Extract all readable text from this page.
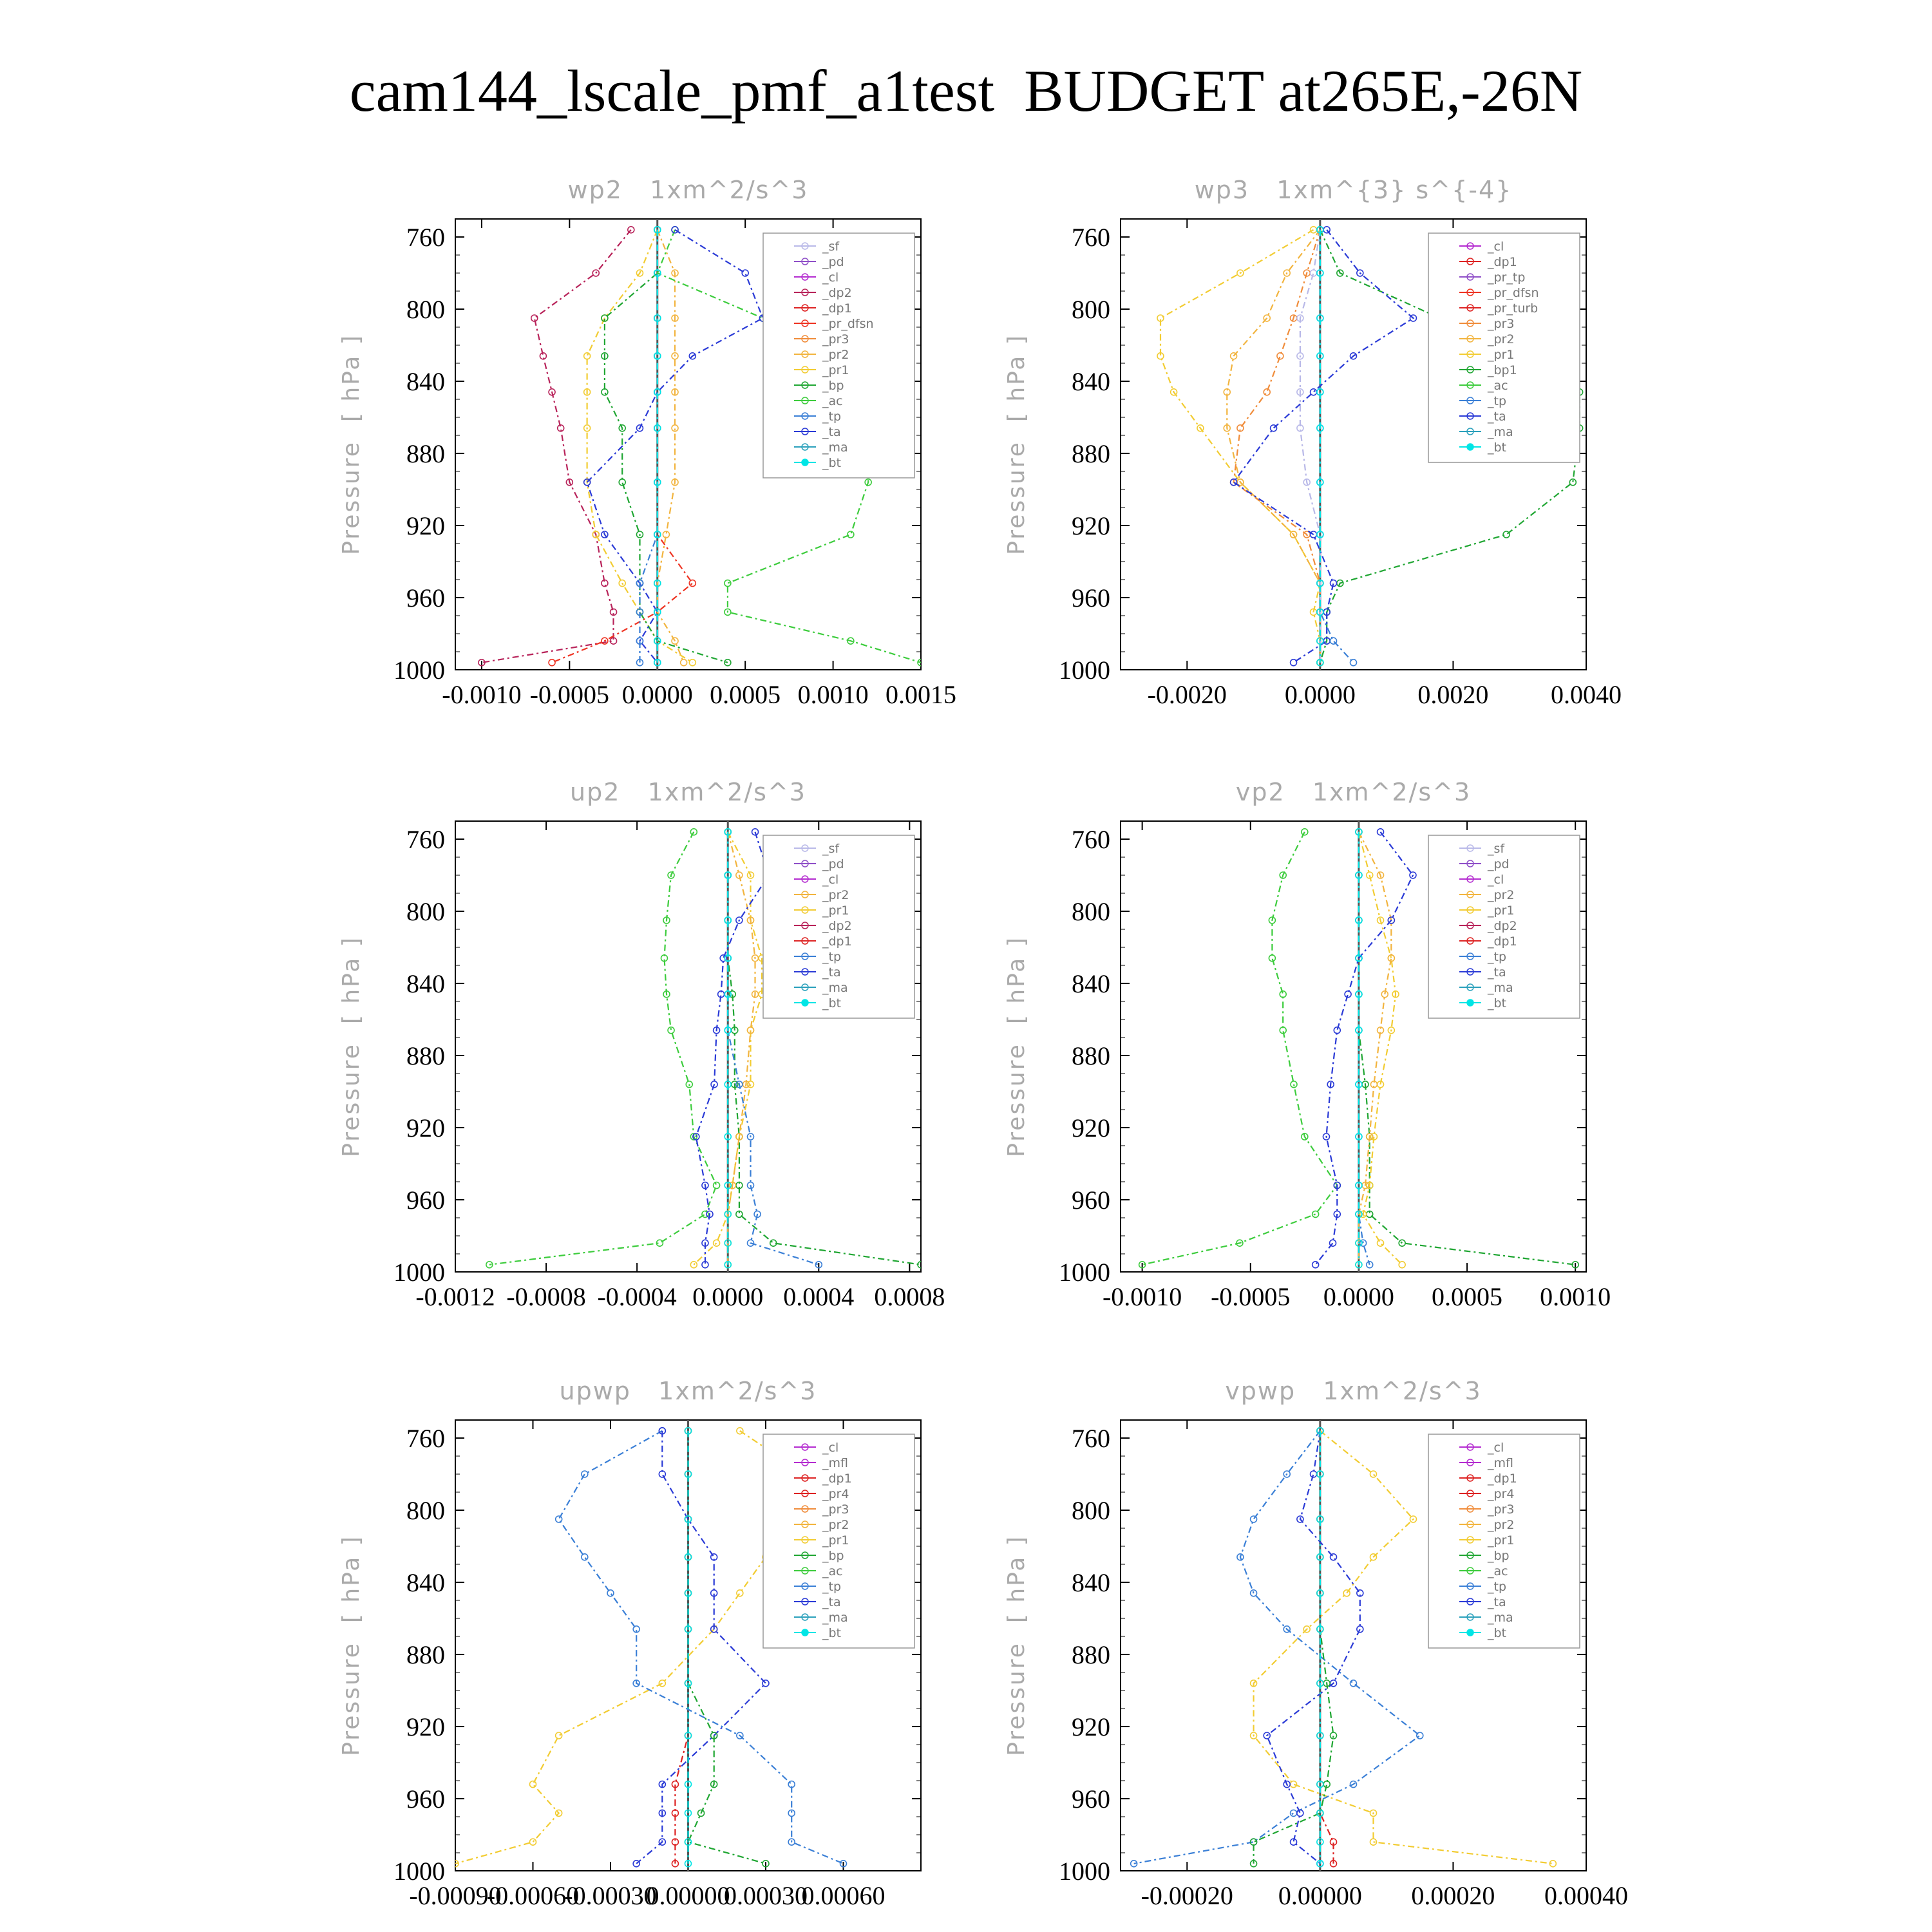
cam144_lscale_pmf_a1test  BUDGET at265E,-26N
wp2   1xm^2/s^3
Pressure  [ hPa ]
760
800
840
880
920
960
1000
-0.0010 -0.0005 0.0000 0.0005 0.0010 0.0015
_sf
_pd
_cl
_dp2
_dp1
_pr_dfsn
_pr3
_pr2
_pr1
_bp
_ac
_tp
_ta
_ma
_bt
wp3   1xm^{3} s^{-4}
Pressure  [ hPa ]
760
800
840
880
920
960
1000
-0.0020 0.0000 0.0020 0.0040
_cl
_dp1
_pr_tp
_pr_dfsn
_pr_turb
_pr3
_pr2
_pr1
_bp1
_ac
_tp
_ta
_ma
_bt
up2   1xm^2/s^3
Pressure  [ hPa ]
760
800
840
880
920
960
1000
-0.0012 -0.0008 -0.0004 0.0000 0.0004 0.0008
_sf
_pd
_cl
_pr2
_pr1
_dp2
_dp1
_tp
_ta
_ma
_bt
vp2   1xm^2/s^3
Pressure  [ hPa ]
760
800
840
880
920
960
1000
-0.0010 -0.0005 0.0000 0.0005 0.0010
_sf
_pd
_cl
_pr2
_pr1
_dp2
_dp1
_tp
_ta
_ma
_bt
upwp   1xm^2/s^3
Pressure  [ hPa ]
760
800
840
880
920
960
1000
-0.00090
-0.00060
-0.00030
0.00000
0.00030
0.00060
_cl
_mfl
_dp1
_pr4
_pr3
_pr2
_pr1
_bp
_ac
_tp
_ta
_ma
_bt
vpwp   1xm^2/s^3
Pressure  [ hPa ]
760
800
840
880
920
960
1000
-0.00020 0.00000 0.00020 0.00040
_cl
_mfl
_dp1
_pr4
_pr3
_pr2
_pr1
_bp
_ac
_tp
_ta
_ma
_bt
